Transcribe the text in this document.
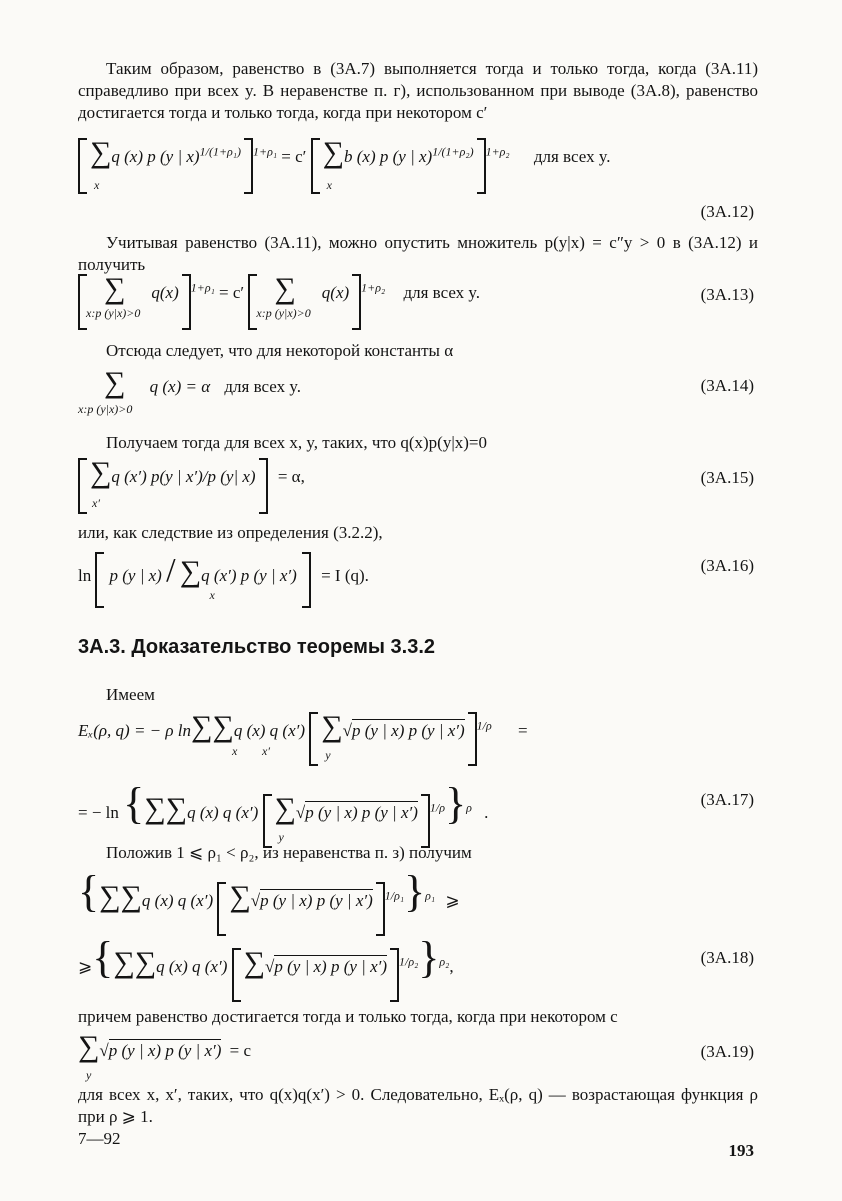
Таким образом, равенство в (3А.7) выполняется тогда и только тогда, когда (3А.11) справедливо при всех y. В неравенстве п. г), использованном при выводе (3А.8), равенство достигается тогда и только тогда, когда при некотором c′
∑q (x) p (y | x)$^{1/(1+\rho_1)}$
x
$^{1+\rho_1}$ = c′ ∑b (x) p (y | x)$^{1/(1+\rho_2)}$
x
$^{1+\rho_2}$ для всех y.
(3А.12)
Учитывая равенство (3А.11), можно опустить множитель p(y|x) = c″y > 0 в (3А.12) и получить
∑ q(x)
x:p (y|x)>0
$^{1+\rho_1}$ = c′ ∑ q(x)
x:p (y|x)>0
$^{1+\rho_2}$ для всех y.	(3А.13)
Отсюда следует, что для некоторой константы α
∑ q (x) = α для всех y.
x:p (y|x)>0
(3А.14)
Получаем тогда для всех x, y, таких, что q(x)p(y|x)=0
∑q (x′) p(y | x′)/p (y| x)
x′
= α,	(3А.15)
или, как следствие из определения (3.2.2),
ln p (y | x) / ∑q (x′) p (y | x′)
x
= I (q).
(3А.16)
3А.3. Доказательство теоремы 3.3.2
Имеем
Eₓ(ρ, q) = − ρ ln∑∑q (x) q (x′) ∑√p (y | x) p (y | x′)
y
$^{1/\rho}$ =
x x′
= − ln {∑∑q (x) q (x′) ∑√p (y | x) p (y | x′)
y
$^{1/\rho}$}$^\rho$ .
(3А.17)
Положив 1 ⩽ ρ₁ < ρ₂, из неравенства п. з) получим
{∑∑q (x) q (x′) ∑√p (y | x) p (y | x′) $^{1/\rho_1}$}$^{\rho_1}$ ⩾
⩾{∑∑q (x) q (x′) ∑√p (y | x) p (y | x′) $^{1/\rho_2}$}$^{\rho_2}$,	(3А.18)
причем равенство достигается тогда и только тогда, когда при некотором c
∑√p (y | x) p (y | x′) = c
y
(3А.19)
для всех x, x′, таких, что q(x)q(x′) > 0. Следовательно, Eₓ(ρ, q) — возрастающая функция ρ при ρ ⩾ 1.
7—92
193
